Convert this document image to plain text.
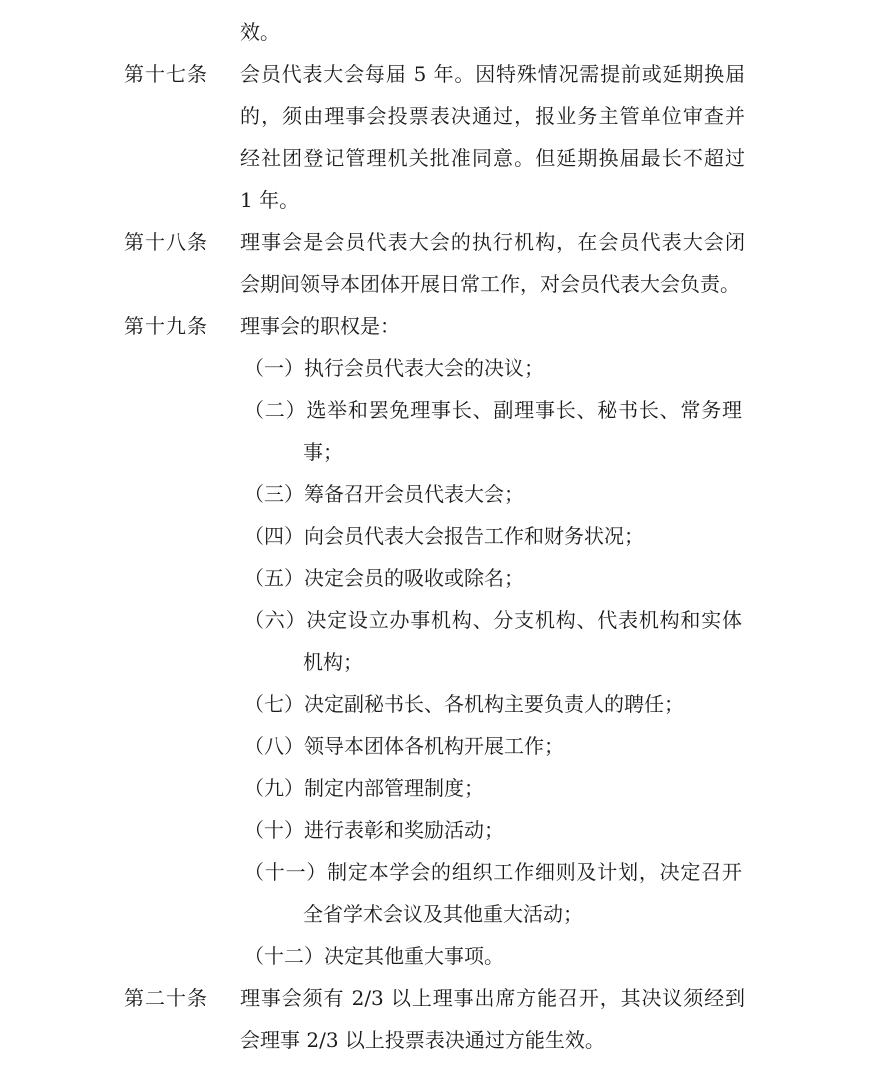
第十七条
第十八条
第十九条
第二十条
效。
会员代表大会每届 5 年。因特殊情况需提前或延期换届
的，须由理事会投票表决通过，报业务主管单位审查并
经社团登记管理机关批准同意。但延期换届最长不超过
1 年。
理事会是会员代表大会的执行机构，在会员代表大会闭
会期间领导本团体开展日常工作，对会员代表大会负责。
理事会的职权是：
（一）执行会员代表大会的决议；
（二）选举和罢免理事长、副理事长、秘书长、常务理
事；
（三）筹备召开会员代表大会；
（四）向会员代表大会报告工作和财务状况；
（五）决定会员的吸收或除名；
（六）决定设立办事机构、分支机构、代表机构和实体
机构；
（七）决定副秘书长、各机构主要负责人的聘任；
（八）领导本团体各机构开展工作；
（九）制定内部管理制度；
（十）进行表彰和奖励活动；
（十一）制定本学会的组织工作细则及计划，决定召开
全省学术会议及其他重大活动；
（十二）决定其他重大事项。
理事会须有 2/3 以上理事出席方能召开，其决议须经到
会理事 2/3 以上投票表决通过方能生效。
